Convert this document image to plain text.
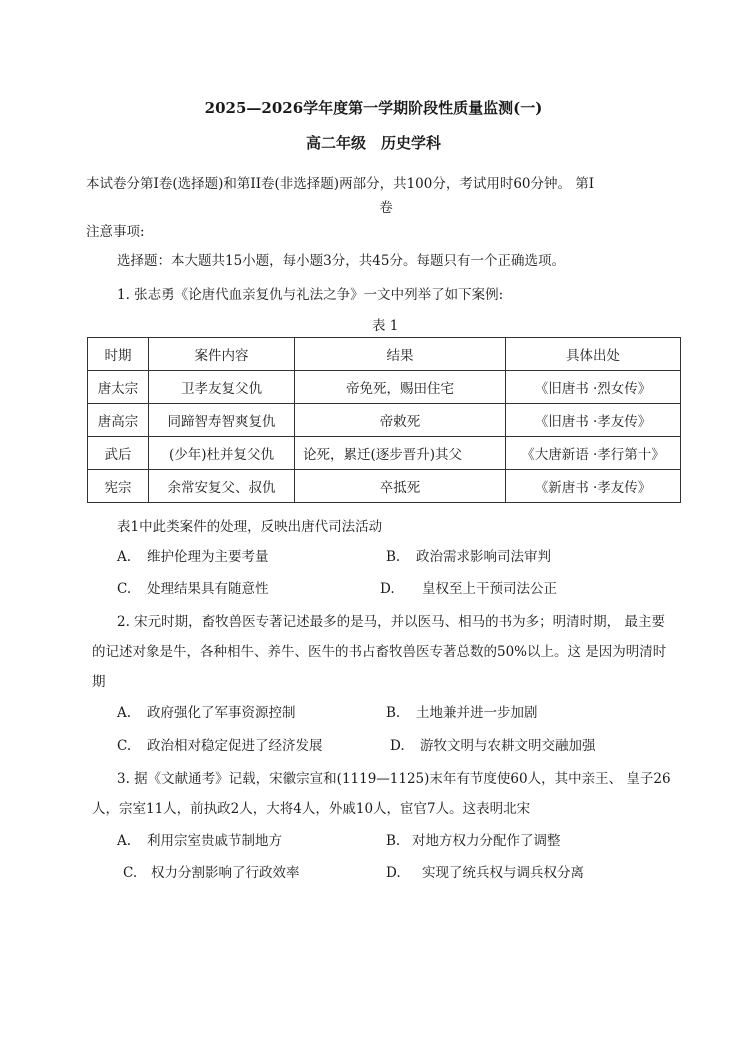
2025—2026学年度第一学期阶段性质量监测(一)
高二年级　历史学科
本试卷分第I卷(选择题)和第II卷(非选择题)两部分，共100分，考试用时60分钟。 第I
卷
注意事项:
选择题：本大题共15小题，每小题3分，共45分。每题只有一个正确选项。
1. 张志勇《论唐代血亲复仇与礼法之争》一文中列举了如下案例:
表 1
时期	案件内容	结果	具体出处
唐太宗	卫孝友复父仇	帝免死，赐田住宅	《旧唐书 ·烈女传》
唐高宗	同蹄智寿智爽复仇	帝敕死	《旧唐书 ·孝友传》
武后	(少年)杜并复父仇	论死，累迁(逐步晋升)其父	《大唐新语 ·孝行第十》
宪宗	余常安复父、叔仇	卒抵死	《新唐书 ·孝友传》
表1中此类案件的处理，反映出唐代司法活动
A. 维护伦理为主要考量	B. 政治需求影响司法审判
C. 处理结果具有随意性	D. 皇权至上干预司法公正
2. 宋元时期，畜牧兽医专著记述最多的是马，并以医马、相马的书为多；明清时期， 最主要
的记述对象是牛，各种相牛、养牛、医牛的书占畜牧兽医专著总数的50%以上。这 是因为明清时
期
A. 政府强化了军事资源控制	B. 土地兼并进一步加剧
C. 政治相对稳定促进了经济发展	D. 游牧文明与农耕文明交融加强
3. 据《文献通考》记载，宋徽宗宣和(1119—1125)末年有节度使60人，其中亲王、 皇子26
人，宗室11人，前执政2人，大将4人，外戚10人，宦官7人。这表明北宋
A. 利用宗室贵戚节制地方	B. 对地方权力分配作了调整
C. 权力分割影响了行政效率	D. 实现了统兵权与调兵权分离
